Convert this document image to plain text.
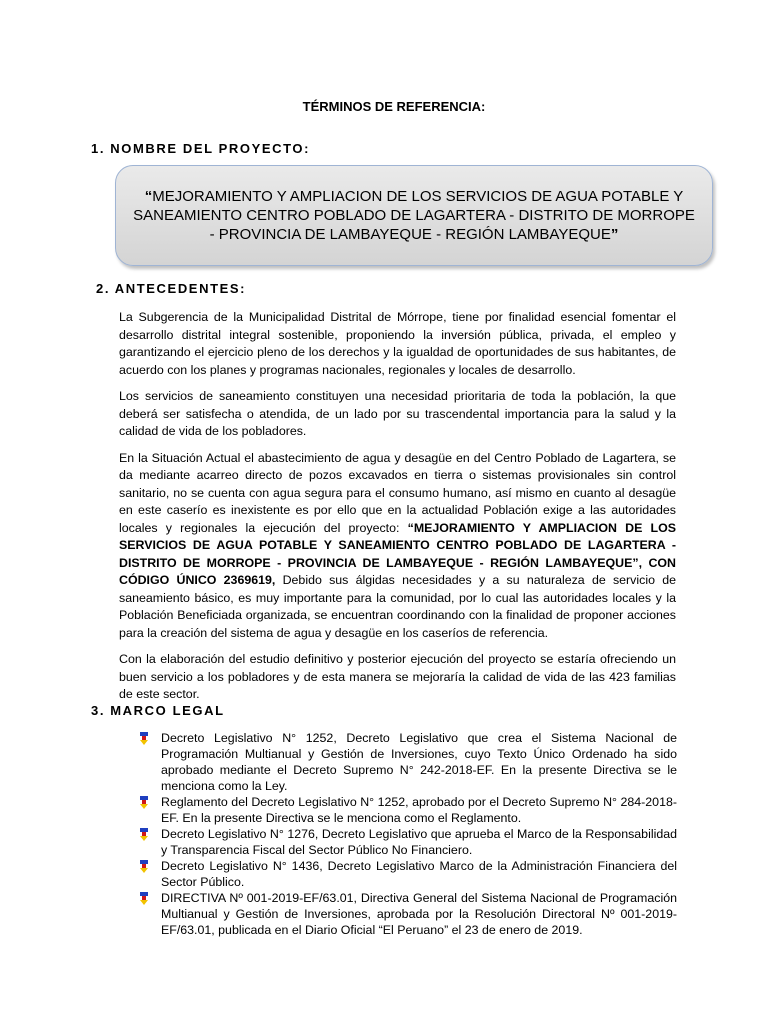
TÉRMINOS DE REFERENCIA:
1. NOMBRE DEL PROYECTO:
“MEJORAMIENTO Y AMPLIACION DE LOS SERVICIOS DE AGUA POTABLE Y SANEAMIENTO CENTRO POBLADO DE LAGARTERA - DISTRITO DE MORROPE - PROVINCIA DE LAMBAYEQUE - REGIÓN LAMBAYEQUE”
2. ANTECEDENTES:

La Subgerencia de la Municipalidad Distrital de Mórrope, tiene por finalidad esencial fomentar el desarrollo distrital integral sostenible, proponiendo la inversión pública, privada, el empleo y garantizando el ejercicio pleno de los derechos y la igualdad de oportunidades de sus habitantes, de acuerdo con los planes y programas nacionales, regionales y locales de desarrollo.

Los servicios de saneamiento constituyen una necesidad prioritaria de toda la población, la que deberá ser satisfecha o atendida, de un lado por su trascendental importancia para la salud y la calidad de vida de los pobladores.

En la Situación Actual el abastecimiento de agua y desagüe en del Centro Poblado de Lagartera, se da mediante acarreo directo de pozos excavados en tierra o sistemas provisionales sin control sanitario, no se cuenta con agua segura para el consumo humano, así mismo en cuanto al desagüe en este caserío es inexistente es por ello que en la actualidad Población exige a las autoridades locales y regionales la ejecución del proyecto: “MEJORAMIENTO Y AMPLIACION DE LOS SERVICIOS DE AGUA POTABLE Y SANEAMIENTO CENTRO POBLADO DE LAGARTERA - DISTRITO DE MORROPE - PROVINCIA DE LAMBAYEQUE - REGIÓN LAMBAYEQUE”, CON CÓDIGO ÚNICO 2369619, Debido sus álgidas necesidades y a su naturaleza de servicio de saneamiento básico, es muy importante para la comunidad, por lo cual las autoridades locales y la Población Beneficiada organizada, se encuentran coordinando con la finalidad de proponer acciones para la creación del sistema de agua y desagüe en los caseríos de referencia.

Con la elaboración del estudio definitivo y posterior ejecución del proyecto se estaría ofreciendo un buen servicio a los pobladores y de esta manera se mejoraría la calidad de vida de las 423 familias de este sector.

3. MARCO LEGAL
Decreto Legislativo N° 1252, Decreto Legislativo que crea el Sistema Nacional de Programación Multianual y Gestión de Inversiones, cuyo Texto Único Ordenado ha sido aprobado mediante el Decreto Supremo N° 242-2018-EF. En la presente Directiva se le menciona como la Ley.
Reglamento del Decreto Legislativo N° 1252, aprobado por el Decreto Supremo N° 284-2018-EF. En la presente Directiva se le menciona como el Reglamento.
Decreto Legislativo N° 1276, Decreto Legislativo que aprueba el Marco de la Responsabilidad y Transparencia Fiscal del Sector Público No Financiero.
Decreto Legislativo N° 1436, Decreto Legislativo Marco de la Administración Financiera del Sector Público.
DIRECTIVA Nº 001-2019-EF/63.01, Directiva General del Sistema Nacional de Programación Multianual y Gestión de Inversiones, aprobada por la Resolución Directoral Nº 001-2019-EF/63.01, publicada en el Diario Oficial “El Peruano” el 23 de enero de 2019.
